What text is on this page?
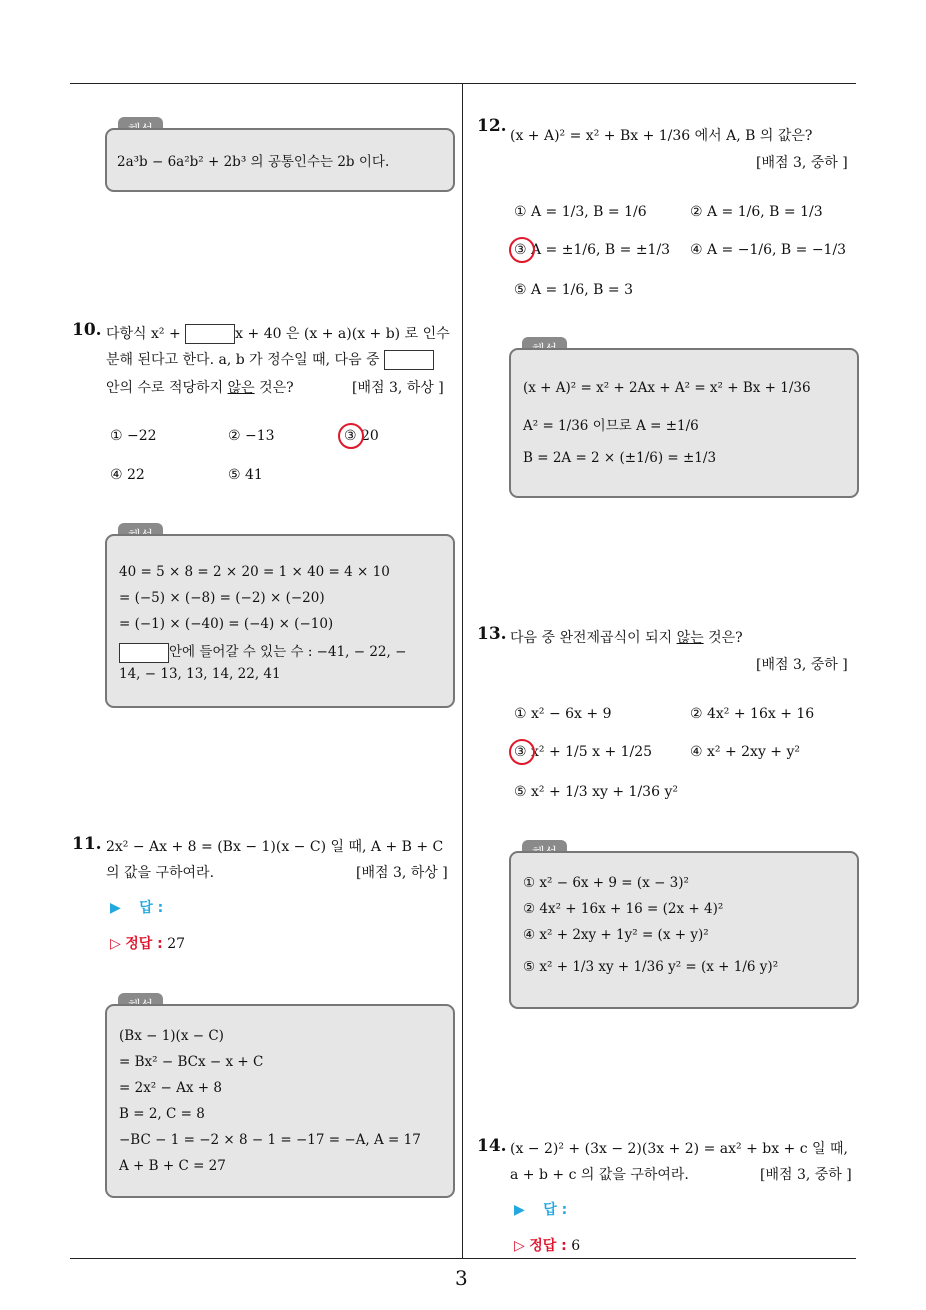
3
2a³b − 6a²b² + 2b³ 의 공통인수는 2b 이다.
10. 다항식 x² +	x + 40 은 (x + a)(x + b) 로 인수
분해 된다고 한다. a, b 가 정수일 때, 다음 중
안의 수로 적당하지 않은 것은?	[배점 3, 하상 ]
① −22	② −13	③ 20
④ 22	⑤ 41
40 = 5 × 8 = 2 × 20 = 1 × 40 = 4 × 10
= (−5) × (−8) = (−2) × (−20)
= (−1) × (−40) = (−4) × (−10)
안에 들어갈 수 있는 수 : −41, − 22, −
14, − 13, 13, 14, 22, 41
11. 2x² − Ax + 8 = (Bx − 1)(x − C) 일 때, A + B + C
의 값을 구하여라.	[배점 3, 하상 ]
▶ 답 :
▷ 정답 : 27
(Bx − 1)(x − C)
= Bx² − BCx − x + C
= 2x² − Ax + 8
B = 2, C = 8
−BC − 1 = −2 × 8 − 1 = −17 = −A, A = 17
A + B + C = 27
12. (x + A)² = x² + Bx + 1/36 에서 A, B 의 값은?
[배점 3, 중하 ]
① A = 1/3, B = 1/6	② A = 1/6, B = 1/3
③ A = ±1/6, B = ±1/3 ④ A = −1/6, B = −1/3
⑤ A = 1/6, B = 3
(x + A)² = x² + 2Ax + A² = x² + Bx + 1/36
A² = 1/36 이므로 A = ±1/6
B = 2A = 2 × (±1/6) = ±1/3
13. 다음 중 완전제곱식이 되지 않는 것은?
[배점 3, 중하 ]
① x² − 6x + 9	② 4x² + 16x + 16
③ x² + 1/5 x + 1/25	④ x² + 2xy + y²
⑤ x² + 1/3 xy + 1/36 y²
① x² − 6x + 9 = (x − 3)²
② 4x² + 16x + 16 = (2x + 4)²
④ x² + 2xy + 1y² = (x + y)²
⑤ x² + 1/3 xy + 1/36 y² = (x + 1/6 y)²
14. (x − 2)² + (3x − 2)(3x + 2) = ax² + bx + c 일 때,
a + b + c 의 값을 구하여라.	[배점 3, 중하 ]
▶ 답 :
▷ 정답 : 6
